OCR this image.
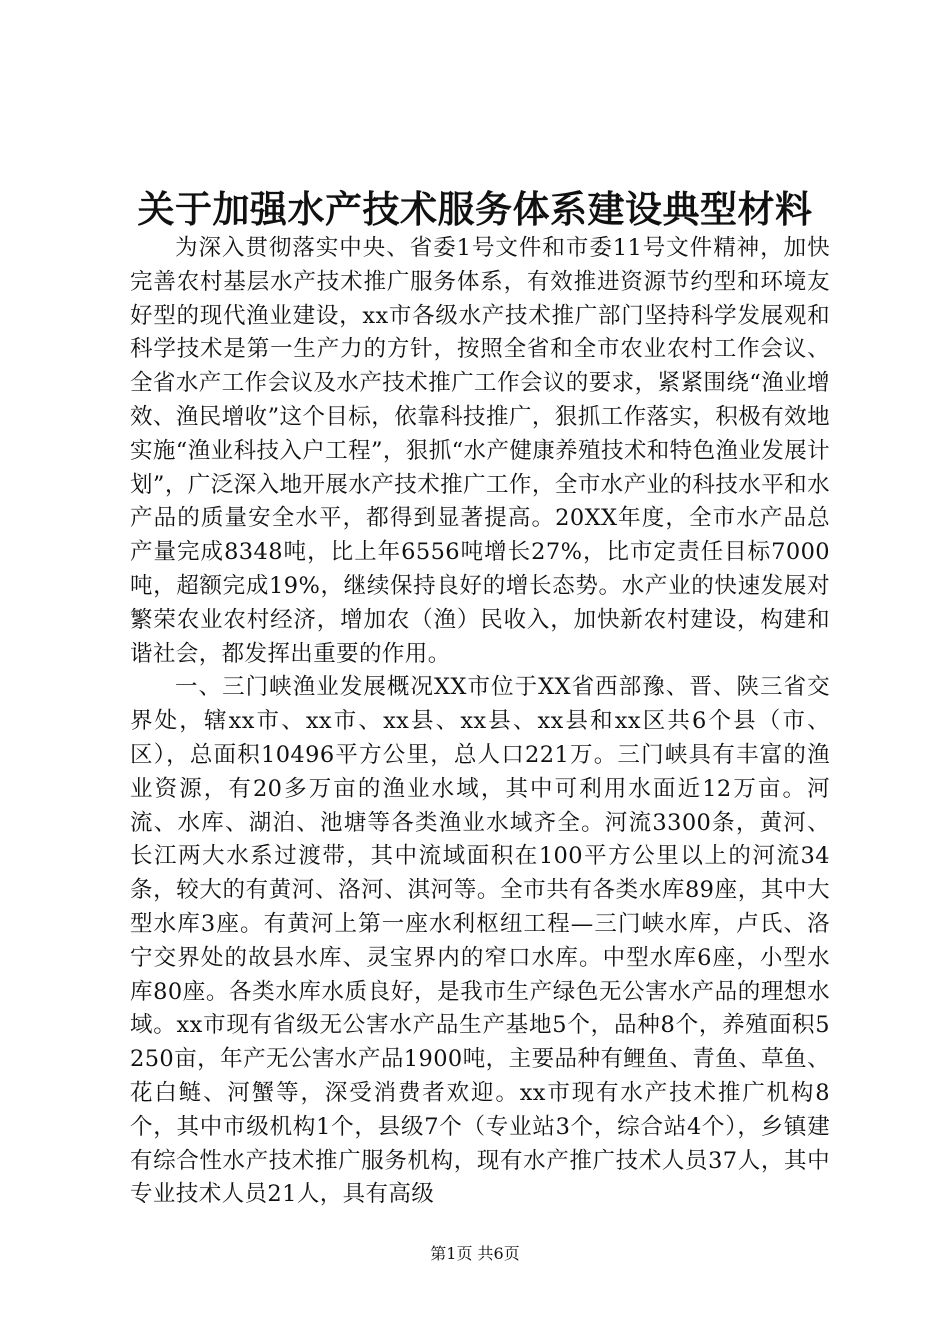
关于加强水产技术服务体系建设典型材料

为深入贯彻落实中央、省委1号文件和市委11号文件精神，加快完善农村基层水产技术推广服务体系，有效推进资源节约型和环境友好型的现代渔业建设，xx市各级水产技术推广部门坚持科学发展观和科学技术是第一生产力的方针，按照全省和全市农业农村工作会议、全省水产工作会议及水产技术推广工作会议的要求，紧紧围绕“渔业增效、渔民增收”这个目标，依靠科技推广，狠抓工作落实，积极有效地实施“渔业科技入户工程”，狠抓“水产健康养殖技术和特色渔业发展计划”，广泛深入地开展水产技术推广工作，全市水产业的科技水平和水产品的质量安全水平，都得到显著提高。20XX年度，全市水产品总产量完成8348吨，比上年6556吨增长27%，比市定责任目标7000吨，超额完成19%，继续保持良好的增长态势。水产业的快速发展对繁荣农业农村经济，增加农（渔）民收入，加快新农村建设，构建和谐社会，都发挥出重要的作用。

一、三门峡渔业发展概况XX市位于XX省西部豫、晋、陕三省交界处，辖xx市、xx市、xx县、xx县、xx县和xx区共6个县（市、区），总面积10496平方公里，总人口221万。三门峡具有丰富的渔业资源，有20多万亩的渔业水域，其中可利用水面近12万亩。河流、水库、湖泊、池塘等各类渔业水域齐全。河流3300条，黄河、长江两大水系过渡带，其中流域面积在100平方公里以上的河流34条，较大的有黄河、洛河、淇河等。全市共有各类水库89座，其中大型水库3座。有黄河上第一座水利枢纽工程—三门峡水库，卢氏、洛宁交界处的故县水库、灵宝界内的窄口水库。中型水库6座，小型水库80座。各类水库水质良好，是我市生产绿色无公害水产品的理想水域。xx市现有省级无公害水产品生产基地5个，品种8个，养殖面积5250亩，年产无公害水产品1900吨，主要品种有鲤鱼、青鱼、草鱼、花白鲢、河蟹等，深受消费者欢迎。xx市现有水产技术推广机构8个，其中市级机构1个，县级7个（专业站3个，综合站4个），乡镇建有综合性水产技术推广服务机构，现有水产推广技术人员37人，其中专业技术人员21人，具有高级

第1页 共6页
